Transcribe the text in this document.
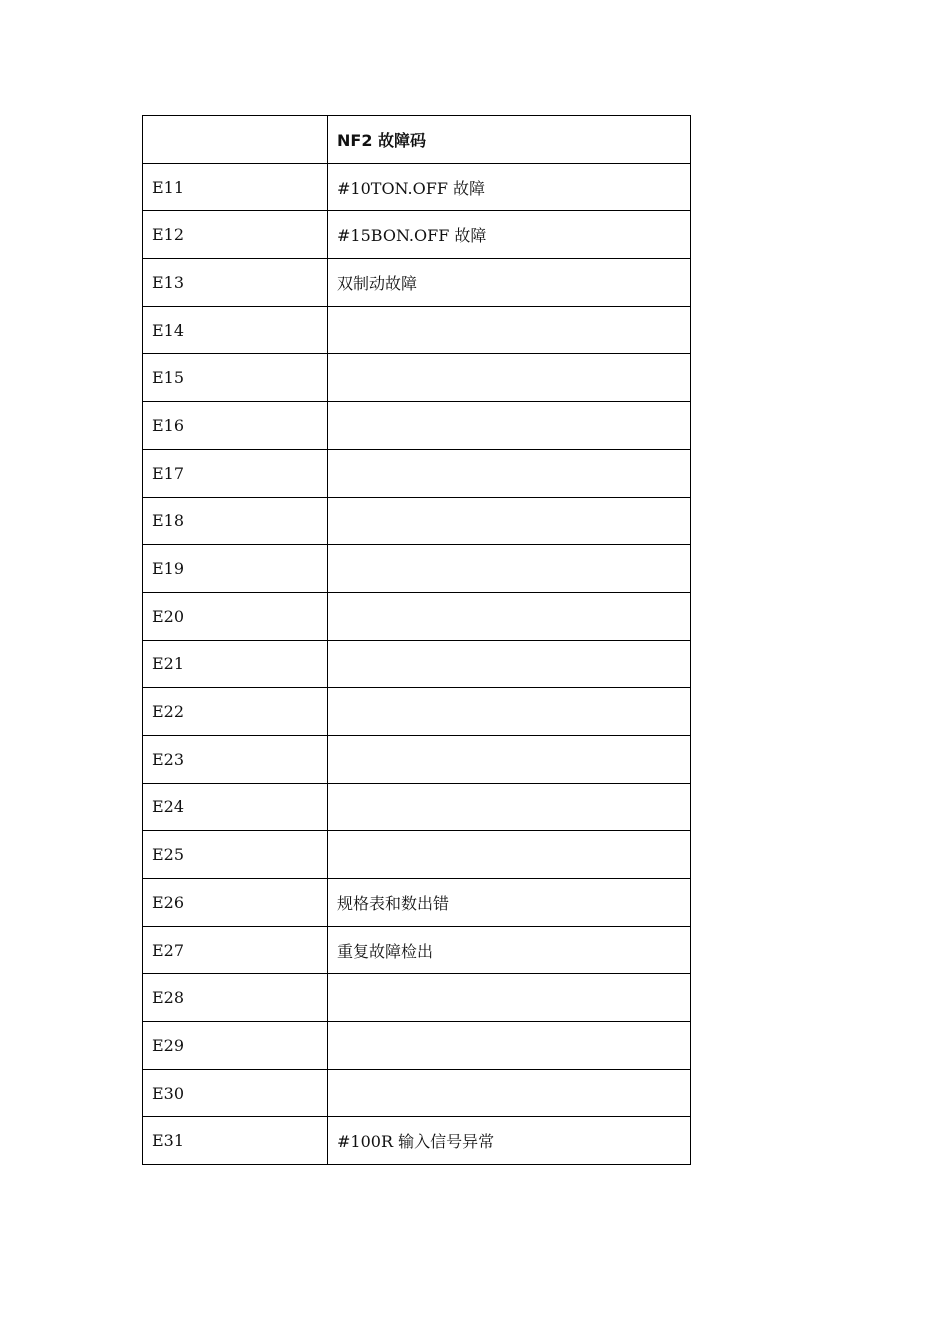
	NF2 故障码
E11	#10TON.OFF 故障
E12	#15BON.OFF 故障
E13	双制动故障
E14	
E15	
E16	
E17	
E18	
E19	
E20	
E21	
E22	
E23	
E24	
E25	
E26	规格表和数出错
E27	重复故障检出
E28	
E29	
E30	
E31	#100R 输入信号异常
